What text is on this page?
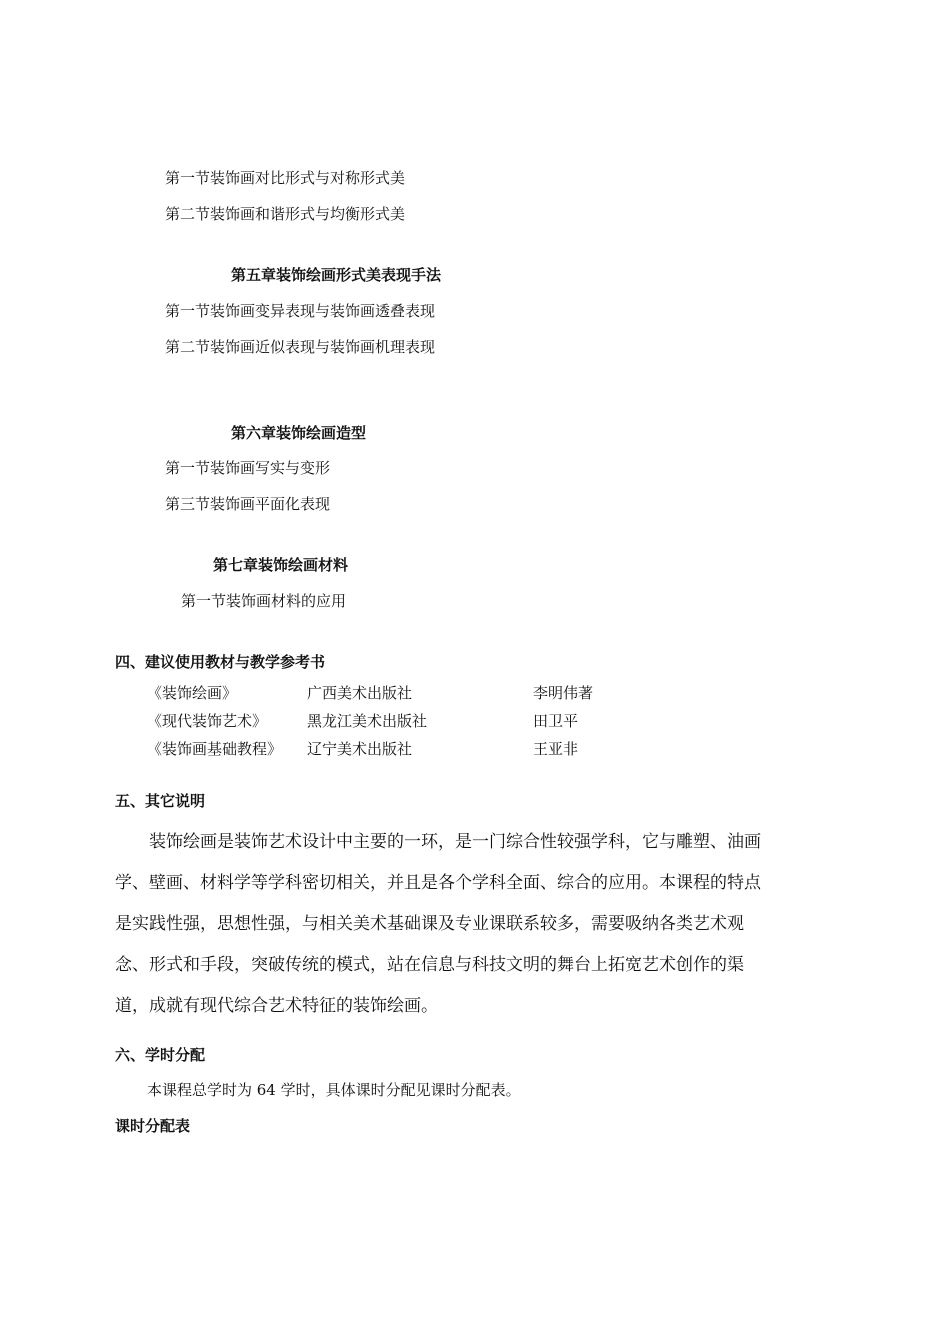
第一节装饰画对比形式与对称形式美
第二节装饰画和谐形式与均衡形式美
第五章装饰绘画形式美表现手法
第一节装饰画变异表现与装饰画透叠表现
第二节装饰画近似表现与装饰画机理表现
第六章装饰绘画造型
第一节装饰画写实与变形
第三节装饰画平面化表现
第七章装饰绘画材料
第一节装饰画材料的应用
四、建议使用教材与教学参考书
《装饰绘画》	广西美术出版社	李明伟著
《现代装饰艺术》	黑龙江美术出版社	田卫平
《装饰画基础教程》 辽宁美术出版社	王亚非
五、其它说明
装饰绘画是装饰艺术设计中主要的一环，是一门综合性较强学科，它与雕塑、油画学、壁画、材料学等学科密切相关，并且是各个学科全面、综合的应用。本课程的特点是实践性强，思想性强，与相关美术基础课及专业课联系较多，需要吸纳各类艺术观念、形式和手段，突破传统的模式，站在信息与科技文明的舞台上拓宽艺术创作的渠道，成就有现代综合艺术特征的装饰绘画。
六、学时分配
本课程总学时为 64 学时，具体课时分配见课时分配表。
课时分配表
